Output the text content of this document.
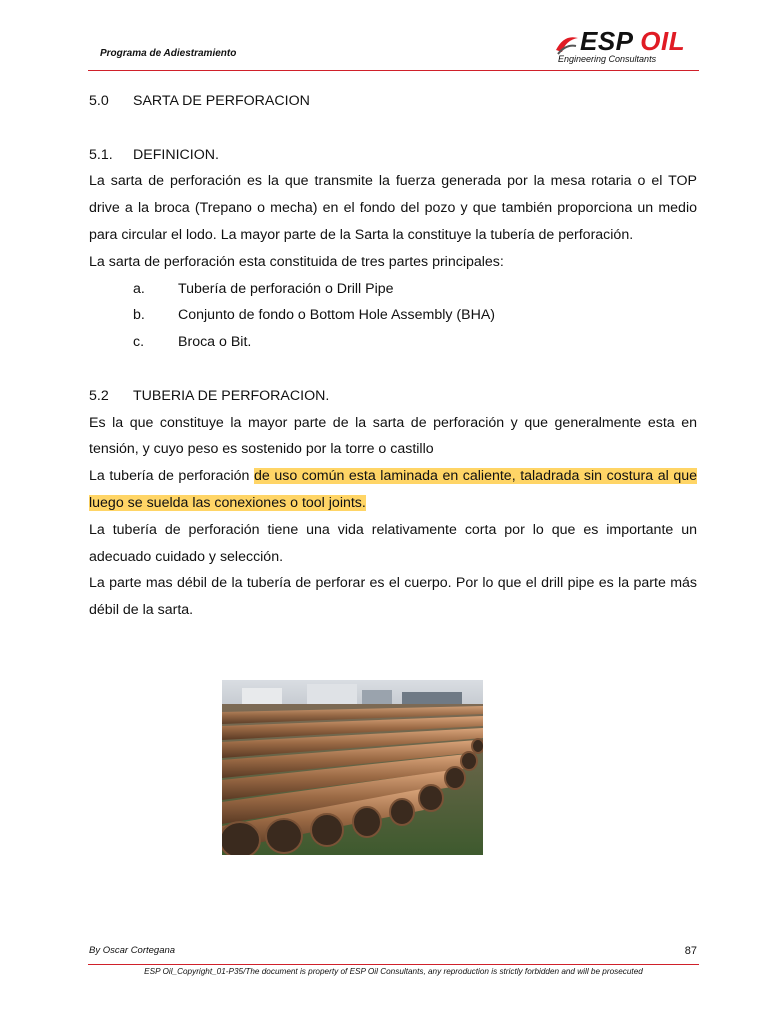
Programa de Adiestramiento	ESP OIL
Engineering Consultants
5.0	SARTA DE PERFORACION
5.1.	DEFINICION.

La sarta de perforación es la que transmite la fuerza generada por la mesa rotaria o el TOP drive a la broca (Trepano o mecha) en el fondo del pozo y que también proporciona un medio para circular el lodo. La mayor parte de la Sarta la constituye la tubería de perforación.

La sarta de perforación esta constituida de tres partes principales:

a.	Tubería de perforación o Drill Pipe
b.	Conjunto de fondo o Bottom Hole Assembly (BHA)
c.	Broca o Bit.
5.2	TUBERIA DE PERFORACION.

Es la que constituye la mayor parte de la sarta de perforación y que generalmente esta en tensión, y cuyo peso es sostenido por la torre o castillo

La tubería de perforación de uso común esta laminada en caliente, taladrada sin costura al que luego se suelda las conexiones o tool joints.

La tubería de perforación tiene una vida relativamente corta por lo que es importante un adecuado cuidado y selección.

La parte mas débil de la tubería de perforar es el cuerpo. Por lo que el drill pipe es la parte más débil de la sarta.

By Oscar Cortegana	87
ESP Oil_Copyright_01-P35/The document is property of ESP Oil Consultants, any reproduction is strictly forbidden and will be prosecuted
